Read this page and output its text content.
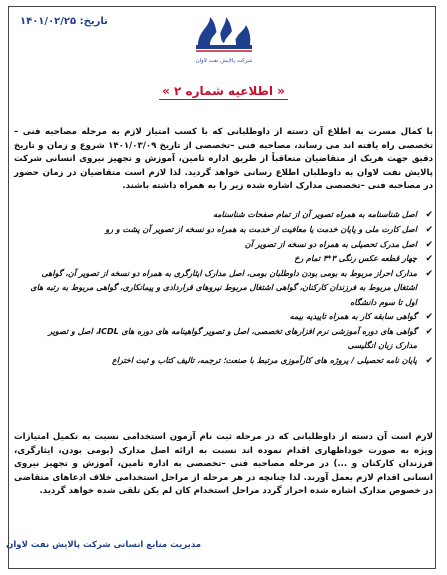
تاریخ: ۱۴۰۱/۰۲/۲۵
شرکت پالایش نفت لاوان
« اطلاعیه شماره ۲ »
با کمال مسرت به اطلاع آن دسته از داوطلبانی که با کسب امتیاز لازم به مرحله مصاحبه فنی –تخصصی راه یافته اند می رساند، مصاحبه فنی –تخصصی از تاریخ ۱۴۰۱/۰۳/۰۹ شروع و زمان و تاریخ دقیق جهت هریک از متقاضیان متعاقباً از طریق اداره تامین، آموزش و تجهیز نیروی انسانی شرکت پالایش نفت لاوان به داوطلبان اطلاع رسانی خواهد گردید. لذا لازم است متقاضیان در زمان حضور در مصاحبه فنی –تخصصی مدارک اشاره شده زیر را به همراه داشته باشند.
✔
اصل شناسنامه به همراه تصویر آن از تمام صفحات شناسنامه
✔
اصل کارت ملی و پایان خدمت یا معافیت از خدمت به همراه دو نسخه از تصویر آن پشت و رو
✔
اصل مدرک تحصیلی به همراه دو نسخه از تصویر آن
✔
چهار قطعه عکس رنگی ۳*۴ تمام رخ
✔
مدارک احراز مربوط به بومی بودن داوطلبان بومی، اصل مدارک ایثارگری به همراه دو نسخه از تصویر آن، گواهی اشتغال مربوط به فرزندان کارکنان، گواهی اشتغال مربوط نیروهای قراردادی و پیمانکاری، گواهی مربوط به رتبه های اول تا سوم دانشگاه
✔
گواهی سابقه کار به همراه تاییدیه بیمه
✔
گواهی های دوره آموزشی نرم افزارهای تخصصی، اصل و تصویر گواهینامه های دوره های ICDL، اصل و تصویر مدارک زبان انگلیسی
✔
پایان نامه تحصیلی / پروژه های کارآموزی مرتبط با صنعت؛ ترجمه، تالیف کتاب و ثبت اختراع
لازم است آن دسته از داوطلبانی که در مرحله ثبت نام آزمون استخدامی نسبت به تکمیل امتیازات ویژه به صورت خوداظهاری اقدام نموده اند نسبت به ارائه اصل مدارک (بومی بودن، ایثارگری، فرزندان کارکنان و ...) در مرحله مصاحبه فنی –تخصصی به اداره تامین، آموزش و تجهیز نیروی انسانی اقدام لازم بعمل آورند. لذا چنانچه در هر مرحله از مراحل استخدامی خلاف ادعاهای متقاضی در خصوص مدارک اشاره شده احراز گردد مراحل استخدام کان لم یکن تلقی شده خواهد گردید.
مدیریت منابع انسانی شرکت پالایش نفت لاوان
